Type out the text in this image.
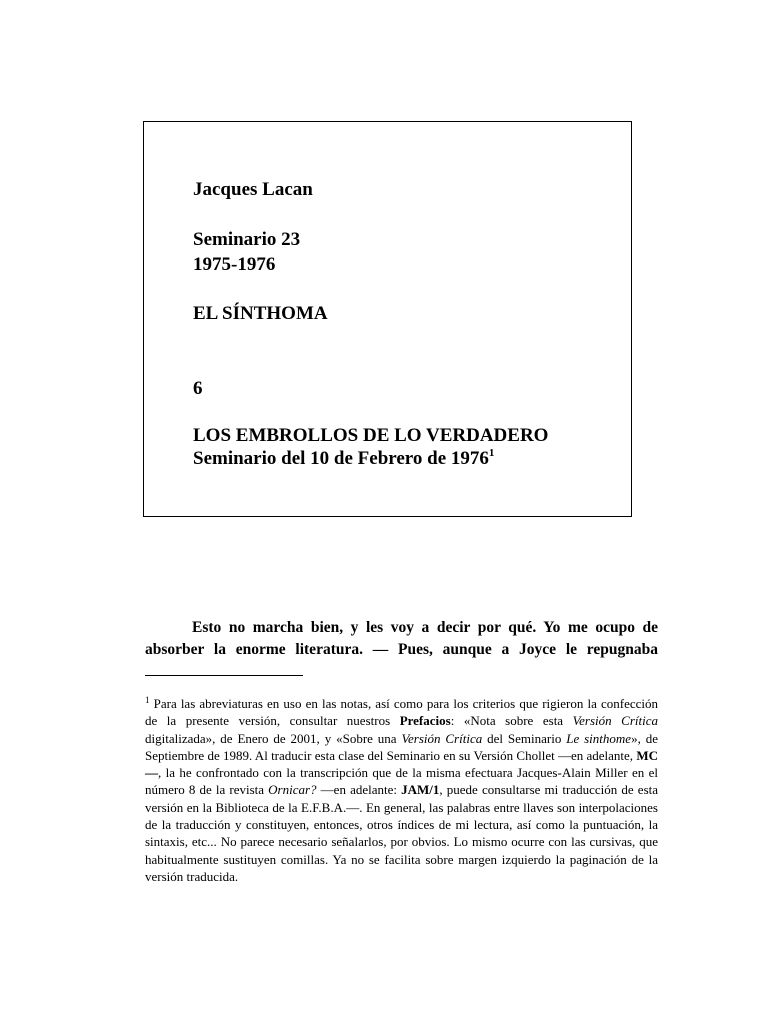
Jacques Lacan

Seminario 23

1975-1976

EL SÍNTHOMA

6

LOS EMBROLLOS DE LO VERDADERO

Seminario del 10 de Febrero de 1976$^1$

Esto no marcha bien, y les voy a decir por qué. Yo me ocupo de absorber la enorme literatura. — Pues, aunque a Joyce le repugnaba

$^1$ Para las abreviaturas en uso en las notas, así como para los criterios que rigieron la confección de la presente versión, consultar nuestros Prefacios: «Nota sobre esta Versión Crítica digitalizada», de Enero de 2001, y «Sobre una Versión Crítica del Seminario Le sinthome», de Septiembre de 1989. Al traducir esta clase del Seminario en su Versión Chollet —en adelante, MC—, la he confrontado con la transcripción que de la misma efectuara Jacques-Alain Miller en el número 8 de la revista Ornicar? —en adelante: JAM/1, puede consultarse mi traducción de esta versión en la Biblioteca de la E.F.B.A.—. En general, las palabras entre llaves son interpolaciones de la traducción y constituyen, entonces, otros índices de mi lectura, así como la puntuación, la sintaxis, etc... No parece necesario señalarlos, por obvios. Lo mismo ocurre con las cursivas, que habitualmente sustituyen comillas. Ya no se facilita sobre margen izquierdo la paginación de la versión traducida.
